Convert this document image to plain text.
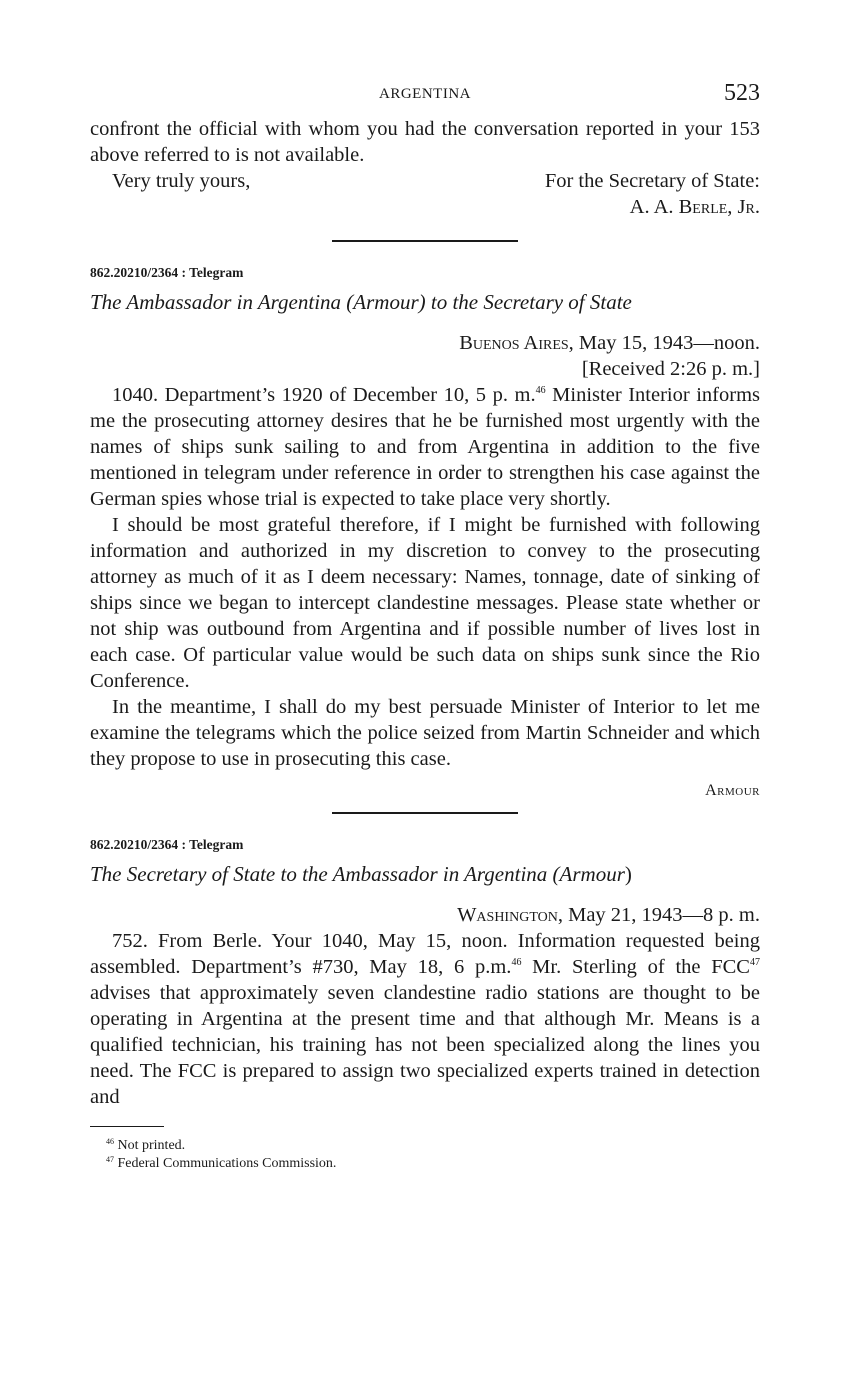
ARGENTINA	523

confront the official with whom you had the conversation reported in your 153 above referred to is not available.

Very truly yours,	For the Secretary of State:
A. A. Berle, Jr.
862.20210/2364 : Telegram
The Ambassador in Argentina (Armour) to the Secretary of State
Buenos Aires, May 15, 1943—noon.
[Received 2:26 p. m.]

1040. Department’s 1920 of December 10, 5 p. m.$^{46}$ Minister Interior informs me the prosecuting attorney desires that he be furnished most urgently with the names of ships sunk sailing to and from Argentina in addition to the five mentioned in telegram under reference in order to strengthen his case against the German spies whose trial is expected to take place very shortly.

I should be most grateful therefore, if I might be furnished with following information and authorized in my discretion to convey to the prosecuting attorney as much of it as I deem necessary: Names, tonnage, date of sinking of ships since we began to intercept clandestine messages. Please state whether or not ship was outbound from Argentina and if possible number of lives lost in each case. Of particular value would be such data on ships sunk since the Rio Conference.

In the meantime, I shall do my best persuade Minister of Interior to let me examine the telegrams which the police seized from Martin Schneider and which they propose to use in prosecuting this case.

Armour
862.20210/2364 : Telegram
The Secretary of State to the Ambassador in Argentina (Armour)
Washington, May 21, 1943—8 p. m.

752. From Berle. Your 1040, May 15, noon. Information requested being assembled. Department’s #730, May 18, 6 p.m.$^{46}$ Mr. Sterling of the FCC$^{47}$ advises that approximately seven clandestine radio stations are thought to be operating in Argentina at the present time and that although Mr. Means is a qualified technician, his training has not been specialized along the lines you need. The FCC is prepared to assign two specialized experts trained in detection and

$^{46}$ Not printed.
$^{47}$ Federal Communications Commission.
